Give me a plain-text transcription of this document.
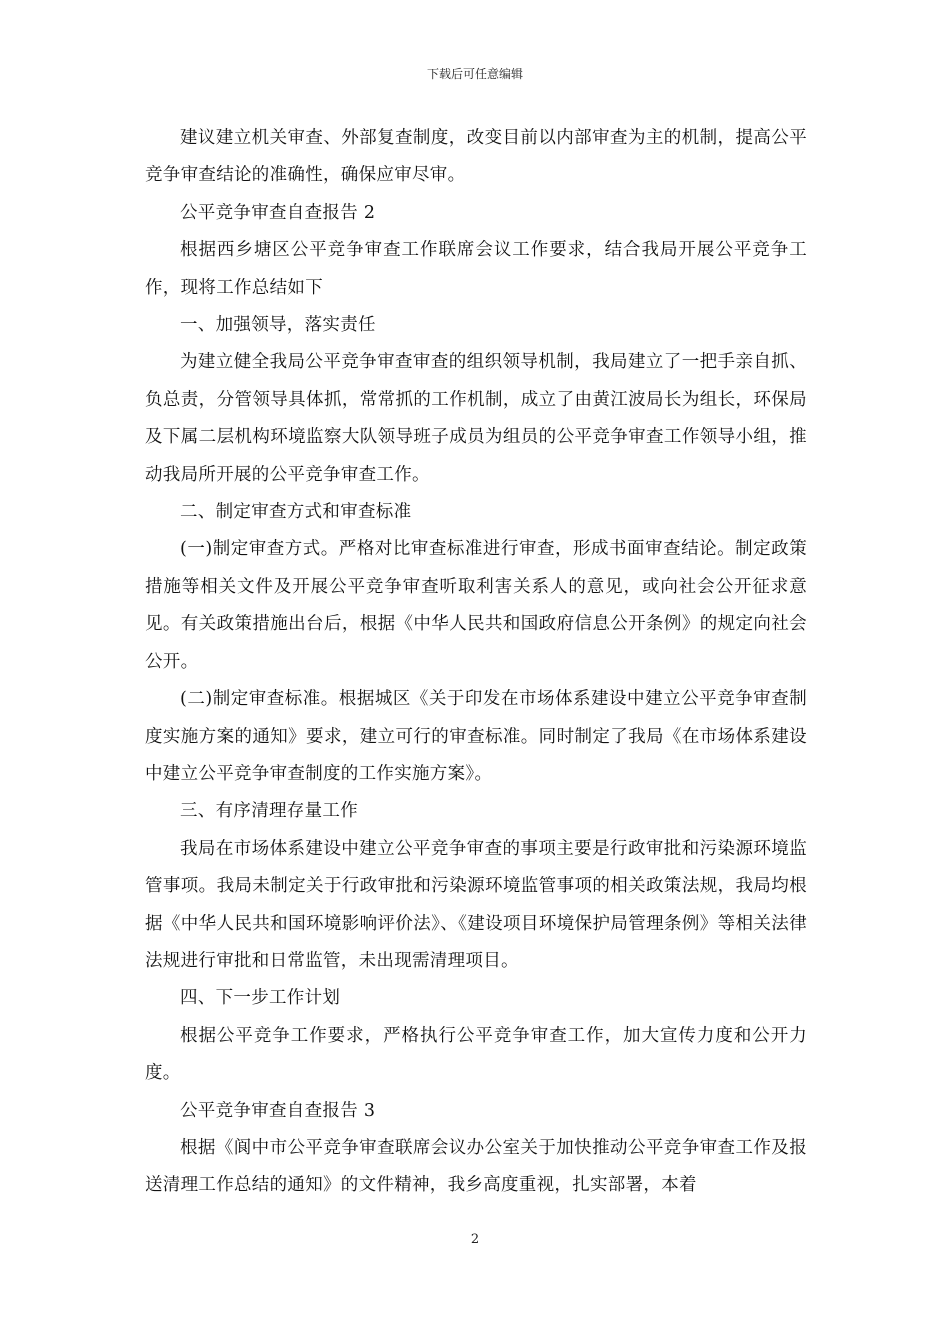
下载后可任意编辑

建议建立机关审查、外部复查制度，改变目前以内部审查为主的机制，提高公平竞争审查结论的准确性，确保应审尽审。

公平竞争审查自查报告 2

根据西乡塘区公平竞争审查工作联席会议工作要求，结合我局开展公平竞争工作，现将工作总结如下

一、加强领导，落实责任

为建立健全我局公平竞争审查审查的组织领导机制，我局建立了一把手亲自抓、负总责，分管领导具体抓，常常抓的工作机制，成立了由黄江波局长为组长，环保局及下属二层机构环境监察大队领导班子成员为组员的公平竞争审查工作领导小组，推动我局所开展的公平竞争审查工作。

二、制定审查方式和审查标准

(一)制定审查方式。严格对比审查标准进行审查，形成书面审查结论。制定政策措施等相关文件及开展公平竞争审查听取利害关系人的意见，或向社会公开征求意见。有关政策措施出台后，根据《中华人民共和国政府信息公开条例》的规定向社会公开。

(二)制定审查标准。根据城区《关于印发在市场体系建设中建立公平竞争审查制度实施方案的通知》要求，建立可行的审查标准。同时制定了我局《在市场体系建设中建立公平竞争审查制度的工作实施方案》。

三、有序清理存量工作

我局在市场体系建设中建立公平竞争审查的事项主要是行政审批和污染源环境监管事项。我局未制定关于行政审批和污染源环境监管事项的相关政策法规，我局均根据《中华人民共和国环境影响评价法》、《建设项目环境保护局管理条例》等相关法律法规进行审批和日常监管，未出现需清理项目。

四、下一步工作计划

根据公平竞争工作要求，严格执行公平竞争审查工作，加大宣传力度和公开力度。

公平竞争审查自查报告 3

根据《阆中市公平竞争审查联席会议办公室关于加快推动公平竞争审查工作及报送清理工作总结的通知》的文件精神，我乡高度重视，扎实部署，本着

2
